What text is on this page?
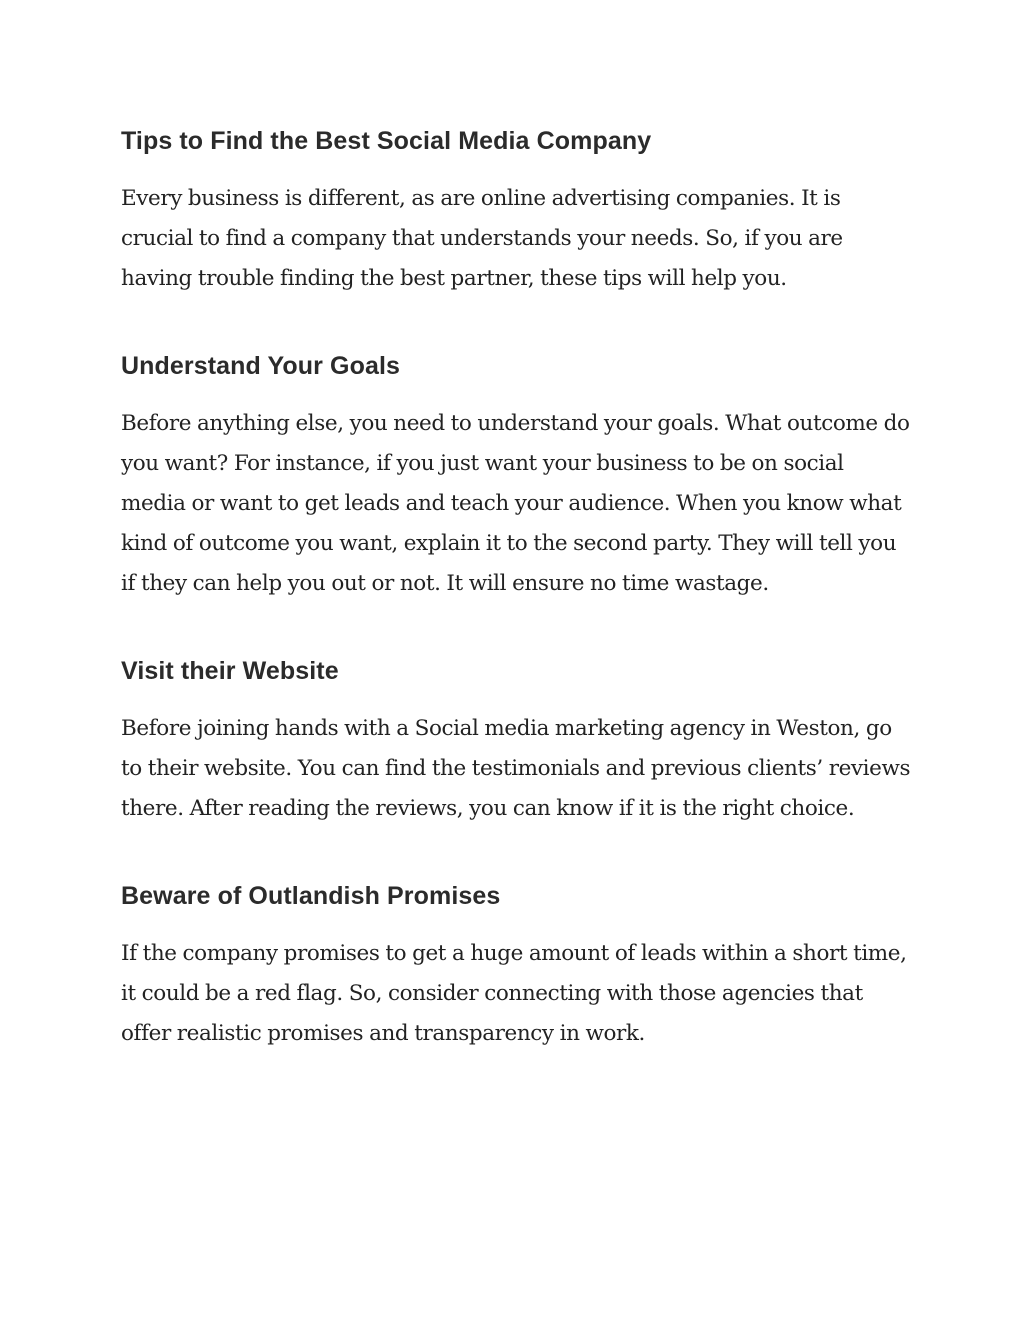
Tips to Find the Best Social Media Company

Every business is different, as are online advertising companies. It is crucial to find a company that understands your needs. So, if you are having trouble finding the best partner, these tips will help you.

Understand Your Goals

Before anything else, you need to understand your goals. What outcome do you want? For instance, if you just want your business to be on social media or want to get leads and teach your audience. When you know what kind of outcome you want, explain it to the second party. They will tell you if they can help you out or not. It will ensure no time wastage.

Visit their Website

Before joining hands with a Social media marketing agency in Weston, go to their website. You can find the testimonials and previous clients’ reviews there. After reading the reviews, you can know if it is the right choice.

Beware of Outlandish Promises

If the company promises to get a huge amount of leads within a short time, it could be a red flag. So, consider connecting with those agencies that offer realistic promises and transparency in work.
